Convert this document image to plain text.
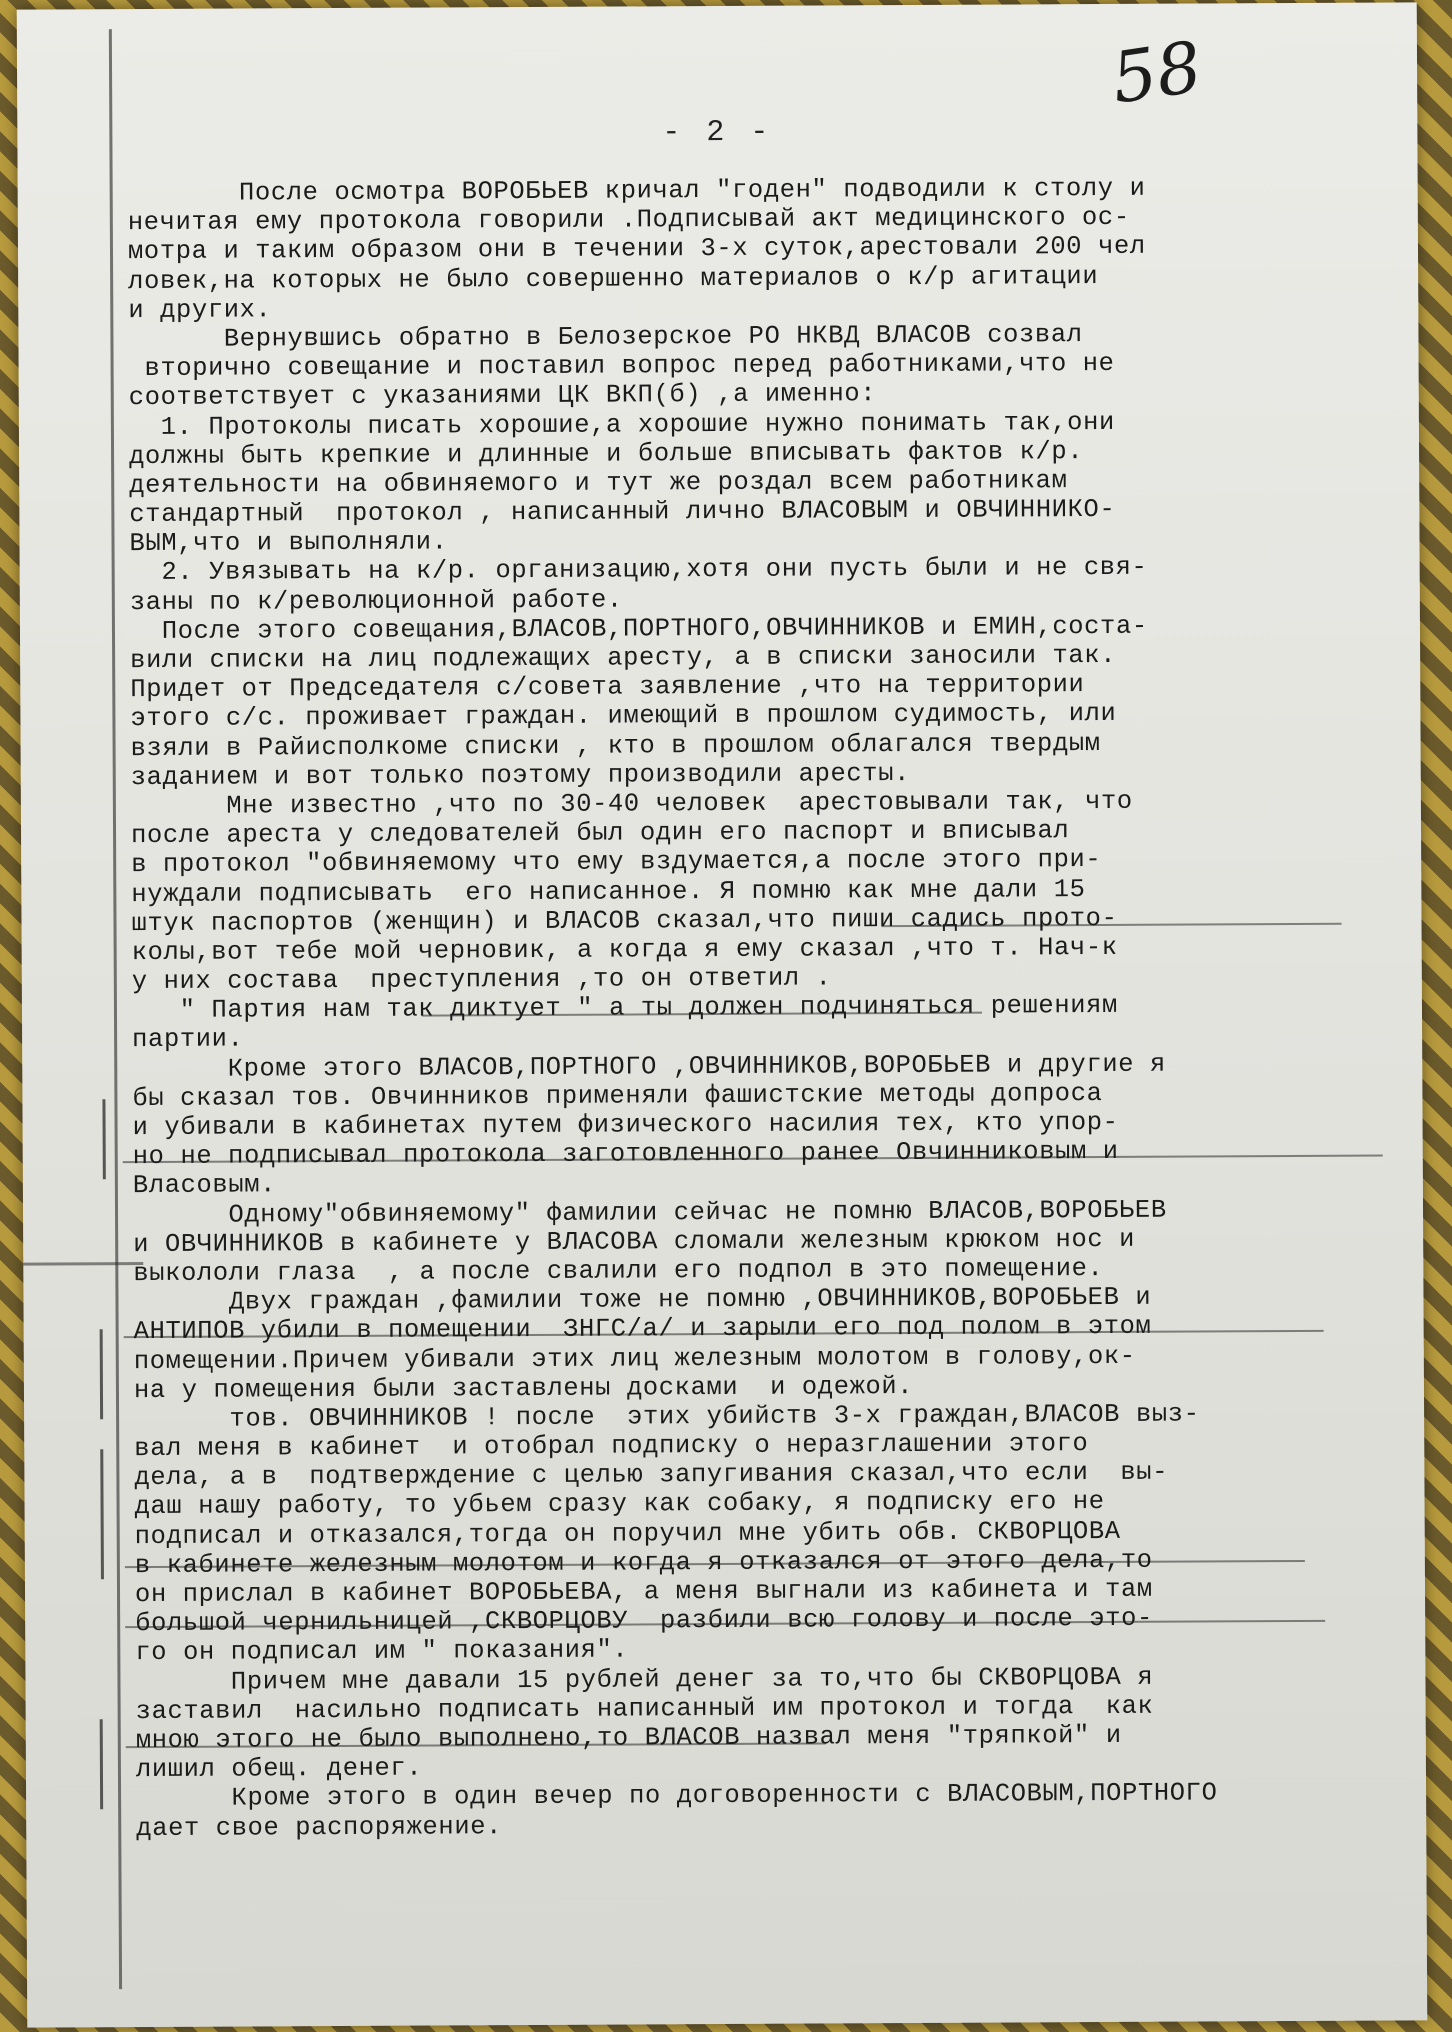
58
- 2 -
После осмотра ВОРОБЬЕВ кричал "годен" подводили к столу и
нечитая ему протокола говорили .Подписывай акт медицинского ос-
мотра и таким образом они в течении 3-х суток,арестовали 200 чел
ловек,на которых не было совершенно материалов о к/р агитации
и других.
Вернувшись обратно в Белозерское РО НКВД ВЛАСОВ созвал
вторично совещание и поставил вопрос перед работниками,что не
соответствует с указаниями ЦК ВКП(б) ,а именно:
1. Протоколы писать хорошие,а хорошие нужно понимать так,они
должны быть крепкие и длинные и больше вписывать фактов к/р.
деятельности на обвиняемого и тут же роздал всем работникам
стандартный  протокол , написанный лично ВЛАСОВЫМ и ОВЧИННИКО-
ВЫМ,что и выполняли.
2. Увязывать на к/р. организацию,хотя они пусть были и не свя-
заны по к/революционной работе.
После этого совещания,ВЛАСОВ,ПОРТНОГО,ОВЧИННИКОВ и ЕМИН,соста-
вили списки на лиц подлежащих аресту, а в списки заносили так.
Придет от Председателя с/совета заявление ,что на территории
этого с/с. проживает граждан. имеющий в прошлом судимость, или
взяли в Райисполкоме списки , кто в прошлом облагался твердым
заданием и вот только поэтому производили аресты.
Мне известно ,что по 30-40 человек  арестовывали так, что
после ареста у следователей был один его паспорт и вписывал
в протокол "обвиняемому что ему вздумается,а после этого при-
нуждали подписывать  его написанное. Я помню как мне дали 15
штук паспортов (женщин) и ВЛАСОВ сказал,что пиши садись прото-
колы,вот тебе мой черновик, а когда я ему сказал ,что т. Нач-к
у них состава  преступления ,то он ответил .
" Партия нам так диктует " а ты должен подчиняться решениям
партии.
Кроме этого ВЛАСОВ,ПОРТНОГО ,ОВЧИННИКОВ,ВОРОБЬЕВ и другие я
бы сказал тов. Овчинников применяли фашистские методы допроса
и убивали в кабинетах путем физического насилия тех, кто упор-
но не подписывал протокола заготовленного ранее Овчинниковым и
Власовым.
Одному"обвиняемому" фамилии сейчас не помню ВЛАСОВ,ВОРОБЬЕВ
и ОВЧИННИКОВ в кабинете у ВЛАСОВА сломали железным крюком нос и
выкололи глаза  , а после свалили его подпол в это помещение.
Двух граждан ,фамилии тоже не помню ,ОВЧИННИКОВ,ВОРОБЬЕВ и
АНТИПОВ убили в помещении  ЗНГС/а/ и зарыли его под полом в этом
помещении.Причем убивали этих лиц железным молотом в голову,ок-
на у помещения были заставлены досками  и одежой.
тов. ОВЧИННИКОВ ! после  этих убийств 3-х граждан,ВЛАСОВ выз-
вал меня в кабинет  и отобрал подписку о неразглашении этого
дела, а в  подтверждение с целью запугивания сказал,что если  вы-
даш нашу работу, то убьем сразу как собаку, я подписку его не
подписал и отказался,тогда он поручил мне убить обв. СКВОРЦОВА
в кабинете железным молотом и когда я отказался от этого дела,то
он прислал в кабинет ВОРОБЬЕВА, а меня выгнали из кабинета и там
большой чернильницей ,СКВОРЦОВУ  разбили всю голову и после это-
го он подписал им " показания".
Причем мне давали 15 рублей денег за то,что бы СКВОРЦОВА я
заставил  насильно подписать написанный им протокол и тогда  как
мною этого не было выполнено,то ВЛАСОВ назвал меня "тряпкой" и
лишил обещ. денег.
Кроме этого в один вечер по договоренности с ВЛАСОВЫМ,ПОРТНОГО
дает свое распоряжение.
